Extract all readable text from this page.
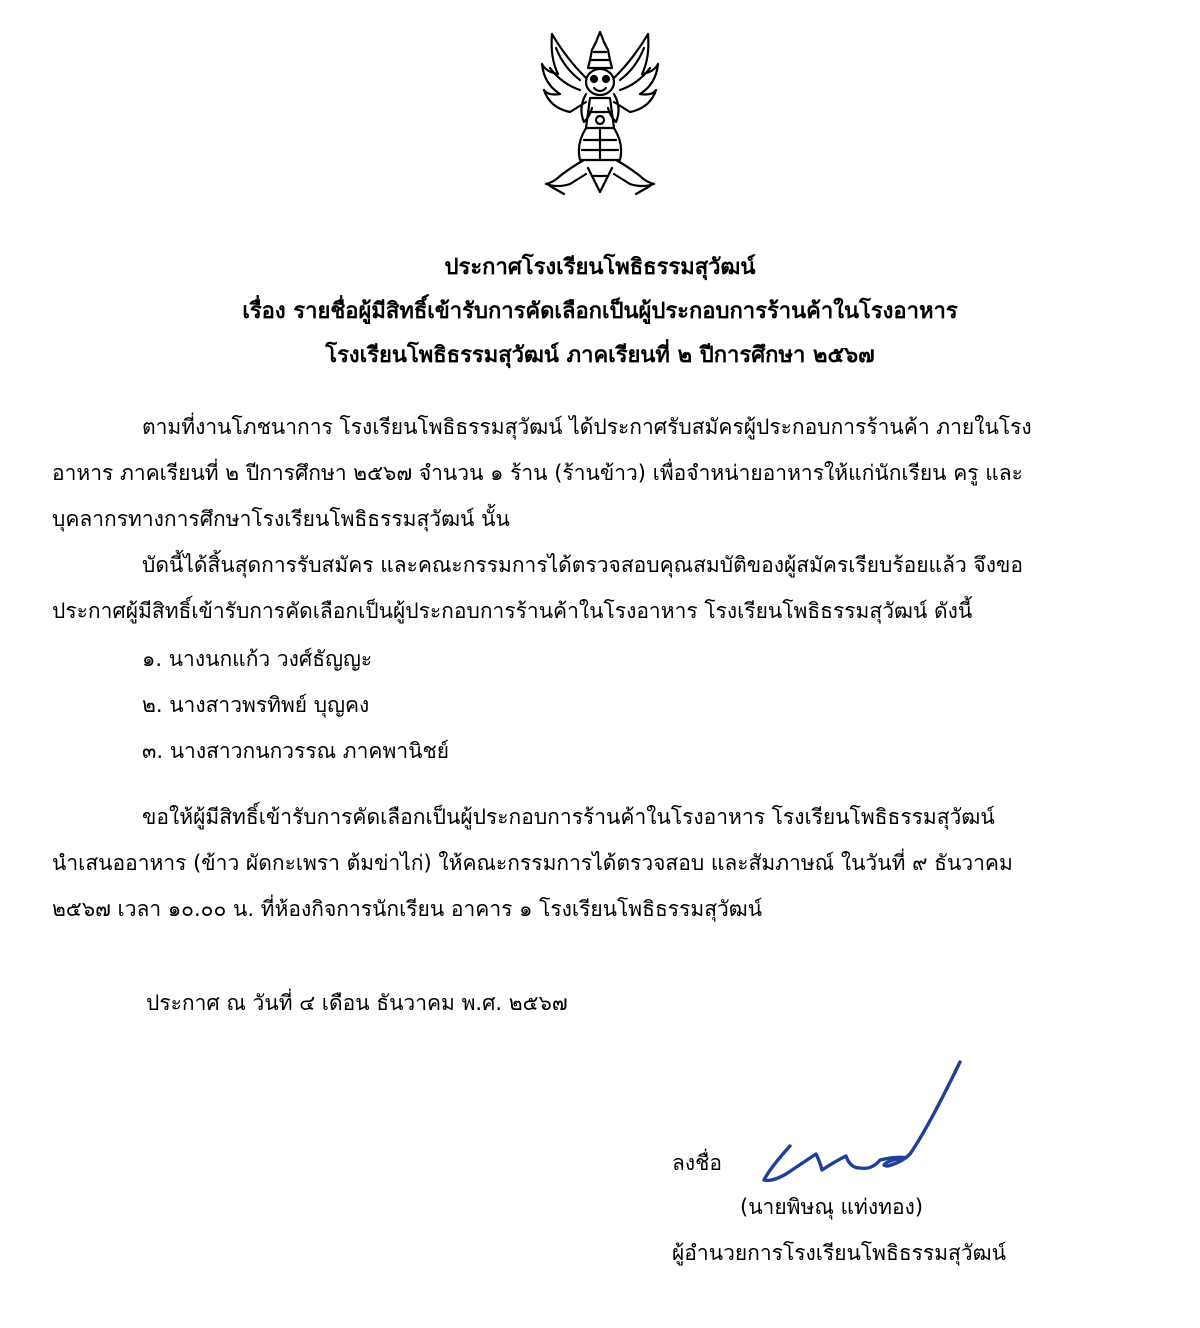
ประกาศโรงเรียนโพธิธรรมสุวัฒน์
เรื่อง รายชื่อผู้มีสิทธิ์เข้ารับการคัดเลือกเป็นผู้ประกอบการร้านค้าในโรงอาหาร
โรงเรียนโพธิธรรมสุวัฒน์ ภาคเรียนที่ ๒ ปีการศึกษา ๒๕๖๗
ตามที่งานโภชนาการ โรงเรียนโพธิธรรมสุวัฒน์ ได้ประกาศรับสมัครผู้ประกอบการร้านค้า ภายในโรง
อาหาร ภาคเรียนที่ ๒ ปีการศึกษา ๒๕๖๗ จำนวน ๑ ร้าน (ร้านข้าว) เพื่อจำหน่ายอาหารให้แก่นักเรียน ครู และ
บุคลากรทางการศึกษาโรงเรียนโพธิธรรมสุวัฒน์ นั้น
บัดนี้ได้สิ้นสุดการรับสมัคร และคณะกรรมการได้ตรวจสอบคุณสมบัติของผู้สมัครเรียบร้อยแล้ว จึงขอ
ประกาศผู้มีสิทธิ์เข้ารับการคัดเลือกเป็นผู้ประกอบการร้านค้าในโรงอาหาร โรงเรียนโพธิธรรมสุวัฒน์ ดังนี้
๑. นางนกแก้ว วงศ์ธัญญะ
๒. นางสาวพรทิพย์ บุญคง
๓. นางสาวกนกวรรณ ภาคพานิชย์
ขอให้ผู้มีสิทธิ์เข้ารับการคัดเลือกเป็นผู้ประกอบการร้านค้าในโรงอาหาร โรงเรียนโพธิธรรมสุวัฒน์
นำเสนออาหาร (ข้าว ผัดกะเพรา ต้มข่าไก่) ให้คณะกรรมการได้ตรวจสอบ และสัมภาษณ์ ในวันที่ ๙ ธันวาคม
๒๕๖๗ เวลา ๑๐.๐๐ น. ที่ห้องกิจการนักเรียน อาคาร ๑ โรงเรียนโพธิธรรมสุวัฒน์
ประกาศ ณ วันที่ ๔ เดือน ธันวาคม พ.ศ. ๒๕๖๗
ลงชื่อ
(นายพิษณุ แท่งทอง)
ผู้อำนวยการโรงเรียนโพธิธรรมสุวัฒน์
